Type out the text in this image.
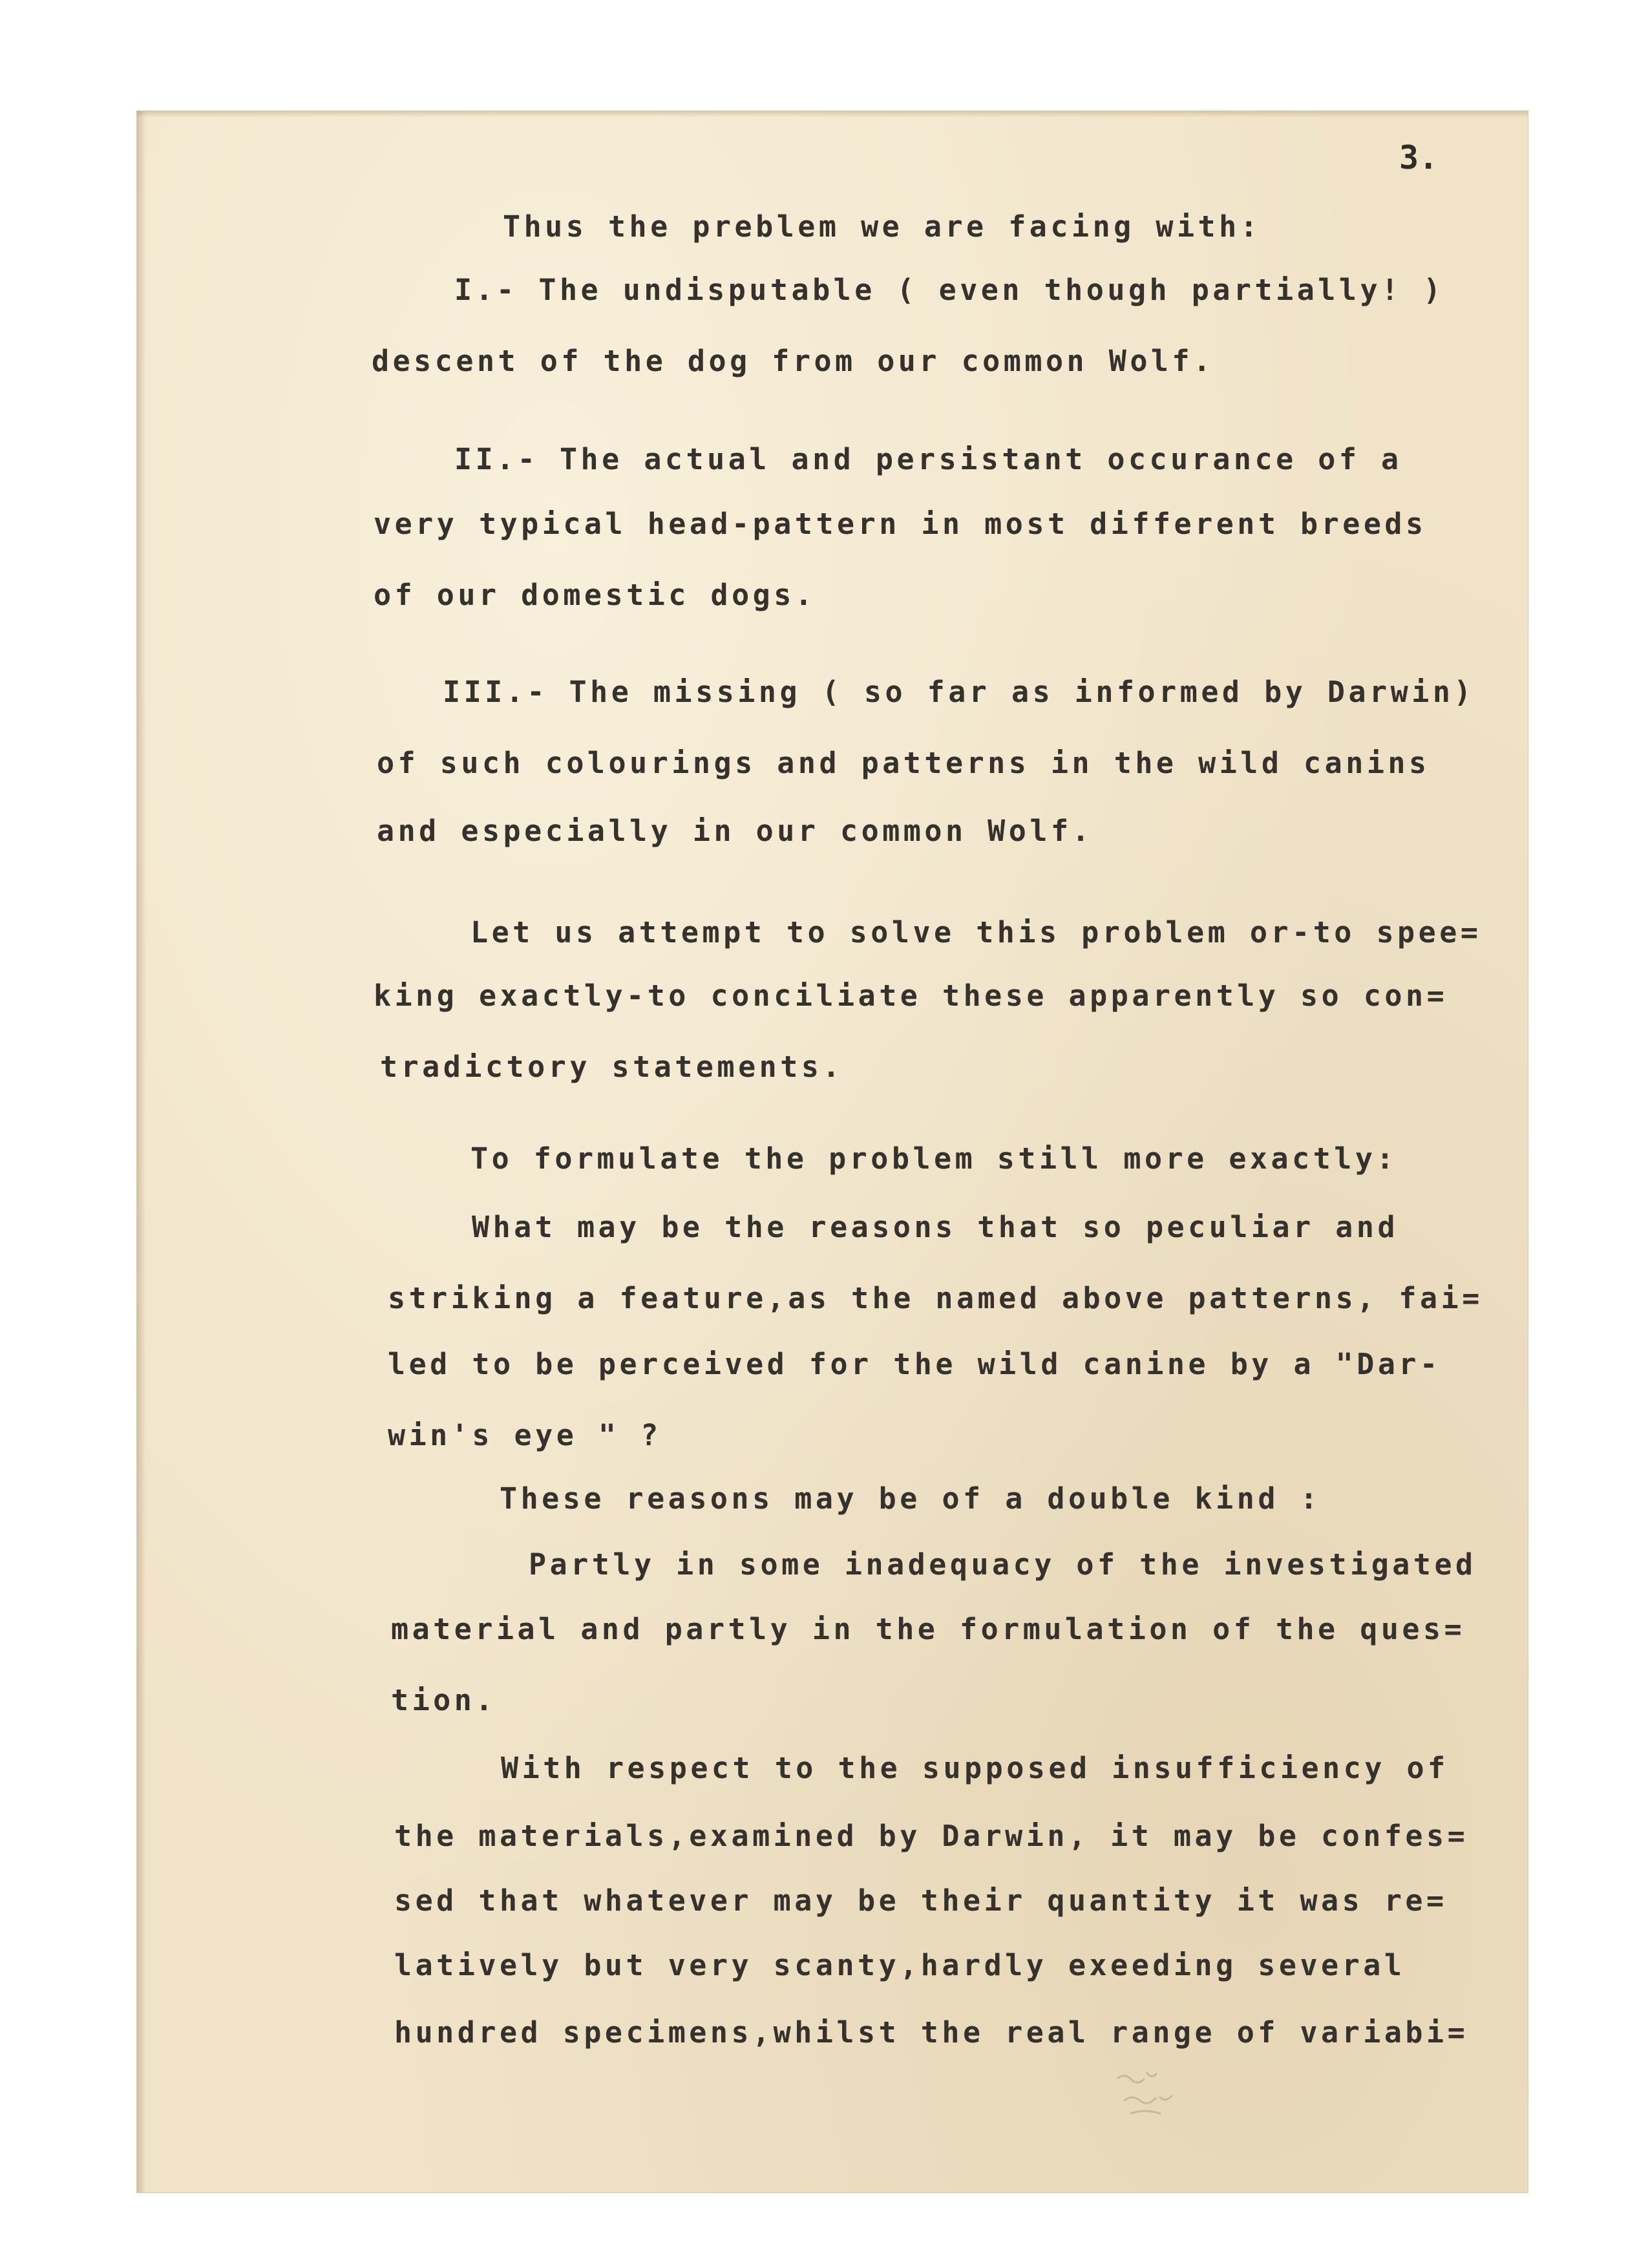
3.
Thus the preblem we are facing with:
I.- The undisputable ( even though partially! )
descent of the dog from our common Wolf.
II.- The actual and persistant occurance of a
very typical head-pattern in most different breeds
of our domestic dogs.
III.- The missing ( so far as informed by Darwin)
of such colourings and patterns in the wild canins
and especially in our common Wolf.
Let us attempt to solve this problem or-to spee=
king exactly-to conciliate these apparently so con=
tradictory statements.
To formulate the problem still more exactly:
What may be the reasons that so peculiar and
striking a feature,as the named above patterns, fai=
led to be perceived for the wild canine by a "Dar-
win's eye " ?
These reasons may be of a double kind :
Partly in some inadequacy of the investigated
material and partly in the formulation of the ques=
tion.
With respect to the supposed insufficiency of
the materials,examined by Darwin, it may be confes=
sed that whatever may be their quantity it was re=
latively but very scanty,hardly exeeding several
hundred specimens,whilst the real range of variabi=
